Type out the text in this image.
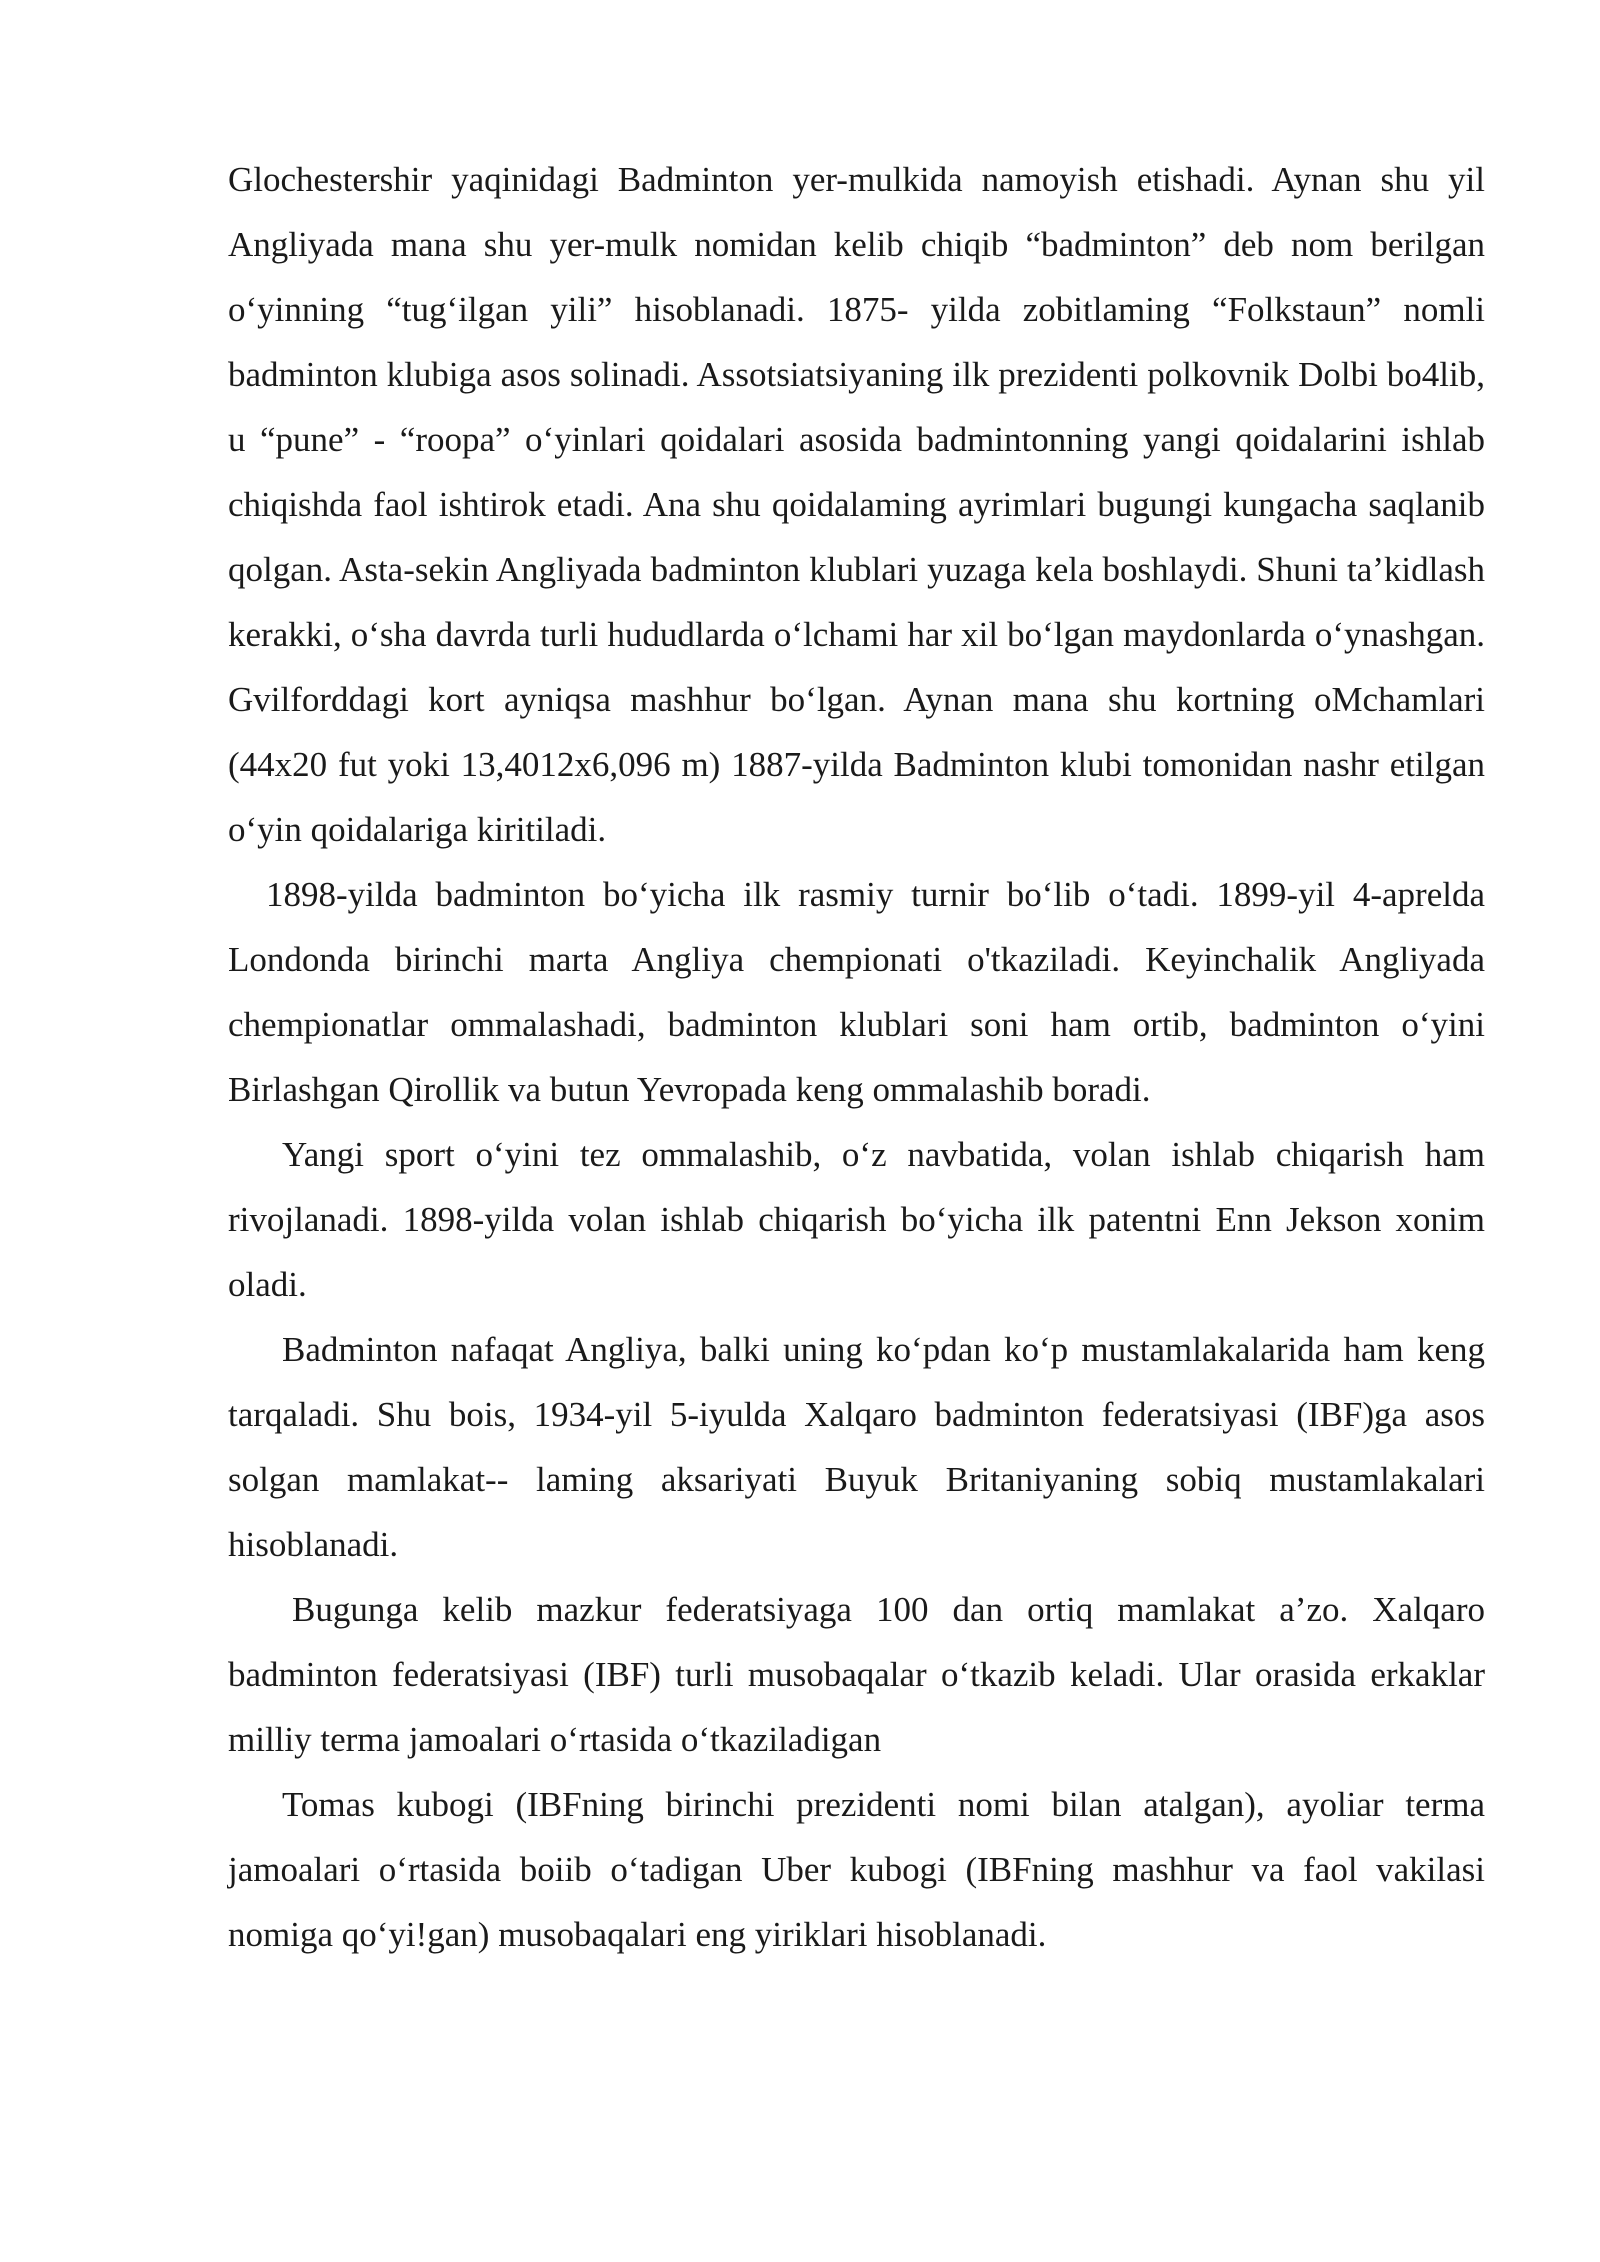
Glochestershir yaqinidagi Badminton yer-mulkida namoyish etishadi. Aynan shu yil Angliyada mana shu yer-mulk nomidan kelib chiqib “badminton” deb nom berilgan o‘yinning “tug‘ilgan yili” hisoblanadi. 1875- yilda zobitlaming “Folkstaun” nomli badminton klubiga asos solinadi. Assotsiatsiyaning ilk prezidenti polkovnik Dolbi bo4lib, u “pune” - “roopa” o‘yinlari qoidalari asosida badmintonning yangi qoidalarini ishlab chiqishda faol ishtirok etadi. Ana shu qoidalaming ayrimlari bugungi kungacha saqlanib qolgan. Asta-sekin Angliyada badminton klublari yuzaga kela boshlaydi. Shuni ta’kidlash kerakki, o‘sha davrda turli hududlarda o‘lchami har xil bo‘lgan maydonlarda o‘ynashgan. Gvilforddagi kort ayniqsa mashhur bo‘lgan. Aynan mana shu kortning oMchamlari (44x20 fut yoki 13,4012x6,096 m) 1887-yilda Badminton klubi tomonidan nashr etilgan o‘yin qoidalariga kiritiladi.

1898-yilda badminton bo‘yicha ilk rasmiy turnir bo‘lib o‘tadi. 1899-yil 4-aprelda Londonda birinchi marta Angliya chempionati o'tkaziladi. Keyinchalik Angliyada chempionatlar ommalashadi, badminton klublari soni ham ortib, badminton o‘yini Birlashgan Qirollik va butun Yevropada keng ommalashib boradi.

Yangi sport o‘yini tez ommalashib, o‘z navbatida, volan ishlab chiqarish ham rivojlanadi. 1898-yilda volan ishlab chiqarish bo‘yicha ilk patentni Enn Jekson xonim oladi.

Badminton nafaqat Angliya, balki uning ko‘pdan ko‘p mustamlakalarida ham keng tarqaladi. Shu bois, 1934-yil 5-iyulda Xalqaro badminton federatsiyasi (IBF)ga asos solgan mamlakat-- laming aksariyati Buyuk Britaniyaning sobiq mustamlakalari hisoblanadi.

Bugunga kelib mazkur federatsiyaga 100 dan ortiq mamlakat a’zo. Xalqaro badminton federatsiyasi (IBF) turli musobaqalar o‘tkazib keladi. Ular orasida erkaklar milliy terma jamoalari o‘rtasida o‘tkaziladigan

Tomas kubogi (IBFning birinchi prezidenti nomi bilan atalgan), ayoliar terma jamoalari o‘rtasida boiib o‘tadigan Uber kubogi (IBFning mashhur va faol vakilasi nomiga qo‘yi!gan) musobaqalari eng yiriklari hisoblanadi.
